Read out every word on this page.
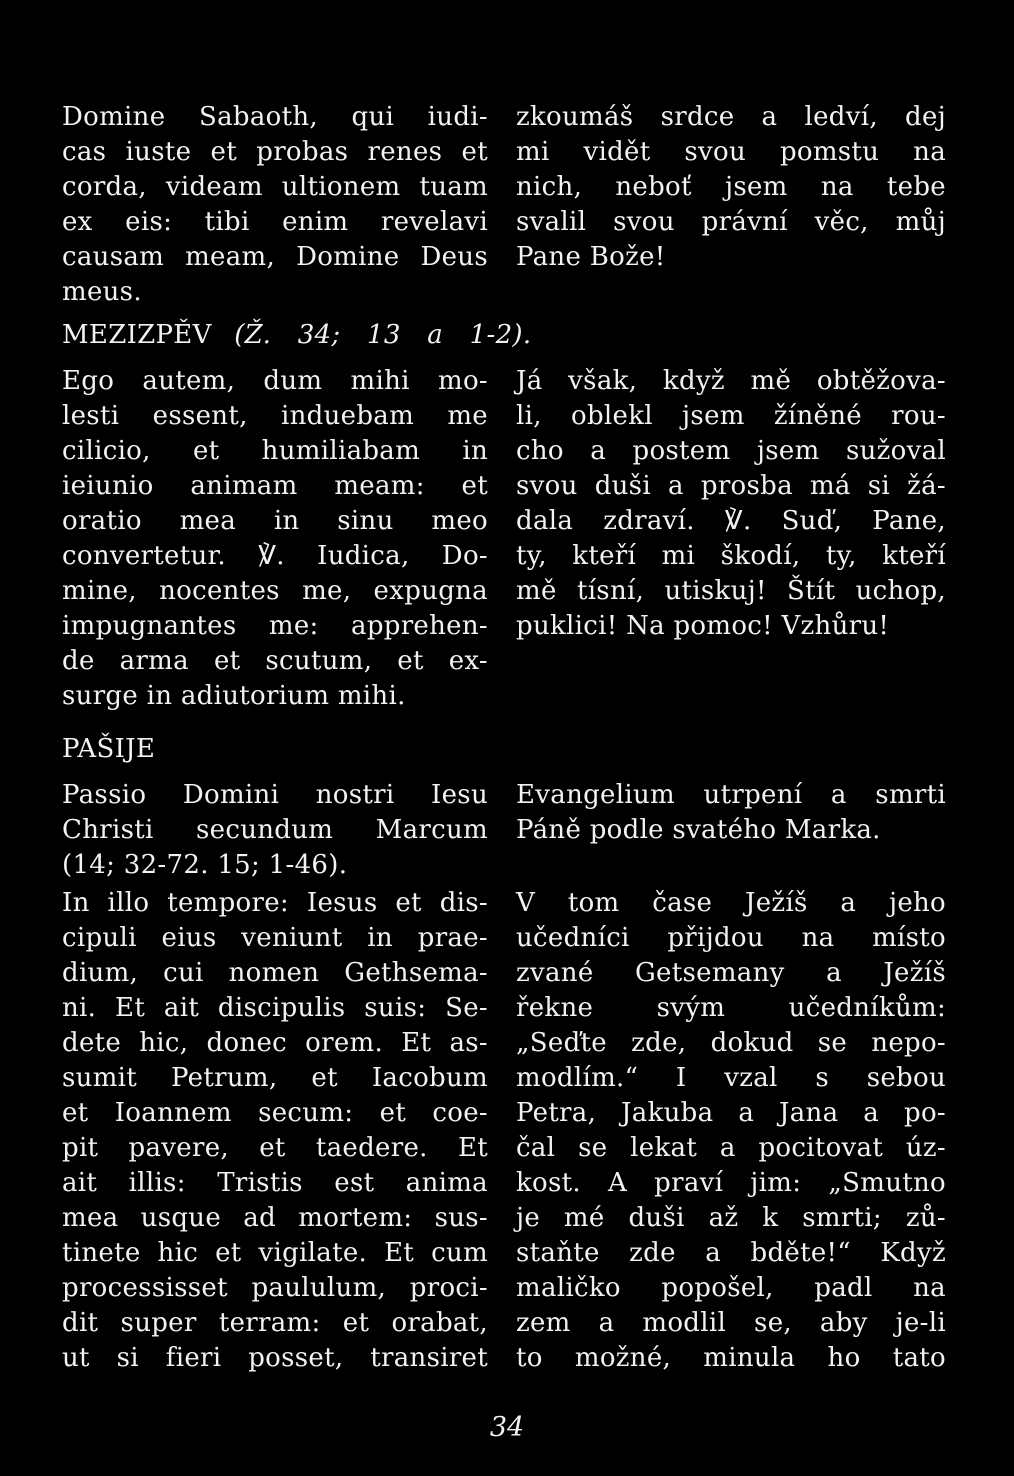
Domine Sabaoth, qui iudi-
cas iuste et probas renes et
corda, videam ultionem tuam
ex eis: tibi enim revelavi
causam meam, Domine Deus
meus.
zkoumáš srdce a ledví, dej
mi vidět svou pomstu na
nich, neboť jsem na tebe
svalil svou právní věc, můj
Pane Bože!
MEZIZPĚV (Ž. 34; 13 a 1-2).
Ego autem, dum mihi mo-
lesti essent, induebam me
cilicio, et humiliabam in
ieiunio animam meam: et
oratio mea in sinu meo
convertetur. ℣. Iudica, Do-
mine, nocentes me, expugna
impugnantes me: apprehen-
de arma et scutum, et ex-
surge in adiutorium mihi.
Já však, když mě obtěžova-
li, oblekl jsem žíněné rou-
cho a postem jsem sužoval
svou duši a prosba má si žá-
dala zdraví. ℣. Suď, Pane,
ty, kteří mi škodí, ty, kteří
mě tísní, utiskuj! Štít uchop,
puklici! Na pomoc! Vzhůru!
PAŠIJE
Passio Domini nostri Iesu
Christi secundum Marcum
(14; 32-72. 15; 1-46).
Evangelium utrpení a smrti
Páně podle svatého Marka.
In illo tempore: Iesus et dis-
cipuli eius veniunt in prae-
dium, cui nomen Gethsema-
ni. Et ait discipulis suis: Se-
dete hic, donec orem. Et as-
sumit Petrum, et Iacobum
et Ioannem secum: et coe-
pit pavere, et taedere. Et
ait illis: Tristis est anima
mea usque ad mortem: sus-
tinete hic et vigilate. Et cum
processisset paululum, proci-
dit super terram: et orabat,
ut si fieri posset, transiret
V tom čase Ježíš a jeho
učedníci přijdou na místo
zvané Getsemany a Ježíš
řekne svým učedníkům:
„Seďte zde, dokud se nepo-
modlím.“ I vzal s sebou
Petra, Jakuba a Jana a po-
čal se lekat a pocitovat úz-
kost. A praví jim: „Smutno
je mé duši až k smrti; zů-
staňte zde a bděte!“ Když
maličko popošel, padl na
zem a modlil se, aby je-li
to možné, minula ho tato
34
